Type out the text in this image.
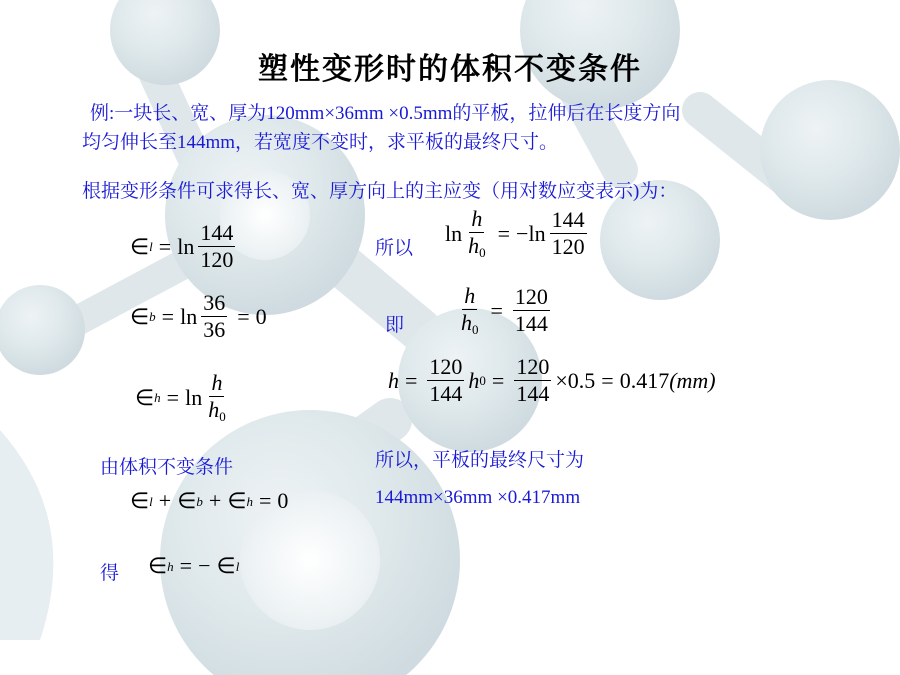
塑性变形时的体积不变条件
例:一块长、宽、厚为120mm×36mm ×0.5mm的平板，拉伸后在长度方向
均匀伸长至144mm，若宽度不变时，求平板的最终尺寸。
根据变形条件可求得长、宽、厚方向上的主应变（用对数应变表示)为：
∈ $l = \ln \frac{144}{120}$
∈ $b = \ln \frac{36}{36} = 0$
∈ $h = \ln \frac{h}{h_0}$
所以
$\ln \frac{h}{h_0}$ = − $\ln \frac{144}{120}$
即 $\frac{h}{h_0} = \frac{120}{144}$
$h = \frac{120}{144}$ h $0 = \frac{120}{144} \times 0.5 = 0.417$ (mm)
由体积不变条件
∈ l + ∈ b + ∈ h = 0
得 ∈ h = − ∈ l
所以，平板的最终尺寸为
144mm×36mm ×0.417mm
